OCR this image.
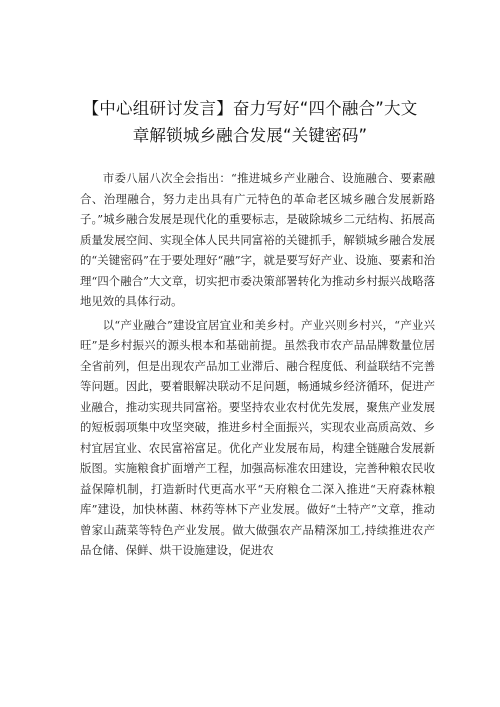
【中心组研讨发言】奋力写好“四个融合”大文
章解锁城乡融合发展“关键密码”

市委八届八次全会指出：“推进城乡产业融合、设施融合、要素融合、治理融合，努力走出具有广元特色的革命老区城乡融合发展新路子。”城乡融合发展是现代化的重要标志，是破除城乡二元结构、拓展高质量发展空间、实现全体人民共同富裕的关键抓手，解锁城乡融合发展的“关键密码”在于要处理好“融”字，就是要写好产业、设施、要素和治理“四个融合”大文章，切实把市委决策部署转化为推动乡村振兴战略落地见效的具体行动。

以“产业融合”建设宜居宜业和美乡村。产业兴则乡村兴，“产业兴旺”是乡村振兴的源头根本和基础前提。虽然我市农产品品牌数量位居全省前列，但是出现农产品加工业滞后、融合程度低、利益联结不完善等问题。因此，要着眼解决联动不足问题，畅通城乡经济循环，促进产业融合，推动实现共同富裕。要坚持农业农村优先发展，聚焦产业发展的短板弱项集中攻坚突破，推进乡村全面振兴，实现农业高质高效、乡村宜居宜业、农民富裕富足。优化产业发展布局，构建全链融合发展新版图。实施粮食扩面增产工程，加强高标准农田建设，完善种粮农民收益保障机制，打造新时代更高水平“天府粮仓二深入推进“天府森林粮库”建设，加快林菌、林药等林下产业发展。做好“土特产”文章，推动曾家山蔬菜等特色产业发展。做大做强农产品精深加工,持续推进农产品仓储、保鲜、烘干设施建设，促进农
